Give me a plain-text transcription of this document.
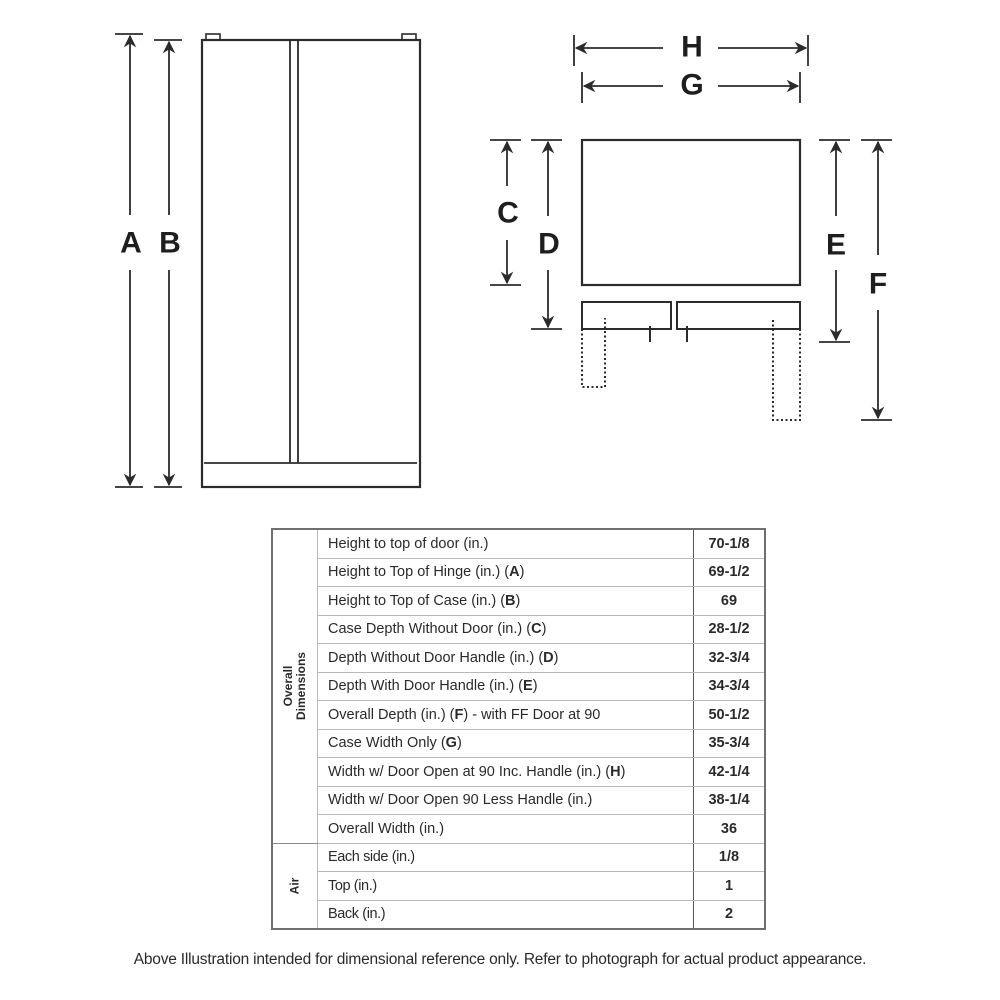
A B
H
G
C
D	E
F
Overall Dimensions	Height to top of door (in.)	70-1/8
	Height to Top of Hinge (in.) (A)	69-1/2
	Height to Top of Case (in.) (B)	69
	Case Depth Without Door (in.) (C)	28-1/2
	Depth Without Door Handle (in.) (D)	32-3/4
	Depth With Door Handle (in.) (E)	34-3/4
	Overall Depth (in.) (F) - with FF Door at 90	50-1/2
	Case Width Only (G)	35-3/4
	Width w/ Door Open at 90 Inc. Handle (in.) (H)	42-1/4
	Width w/ Door Open 90 Less Handle (in.)	38-1/4
	Overall Width (in.)	36

Air	Each side (in.)	1/8
	Top (in.)	1
	Back (in.)	2
Above Illustration intended for dimensional reference only. Refer to photograph for actual product appearance.
